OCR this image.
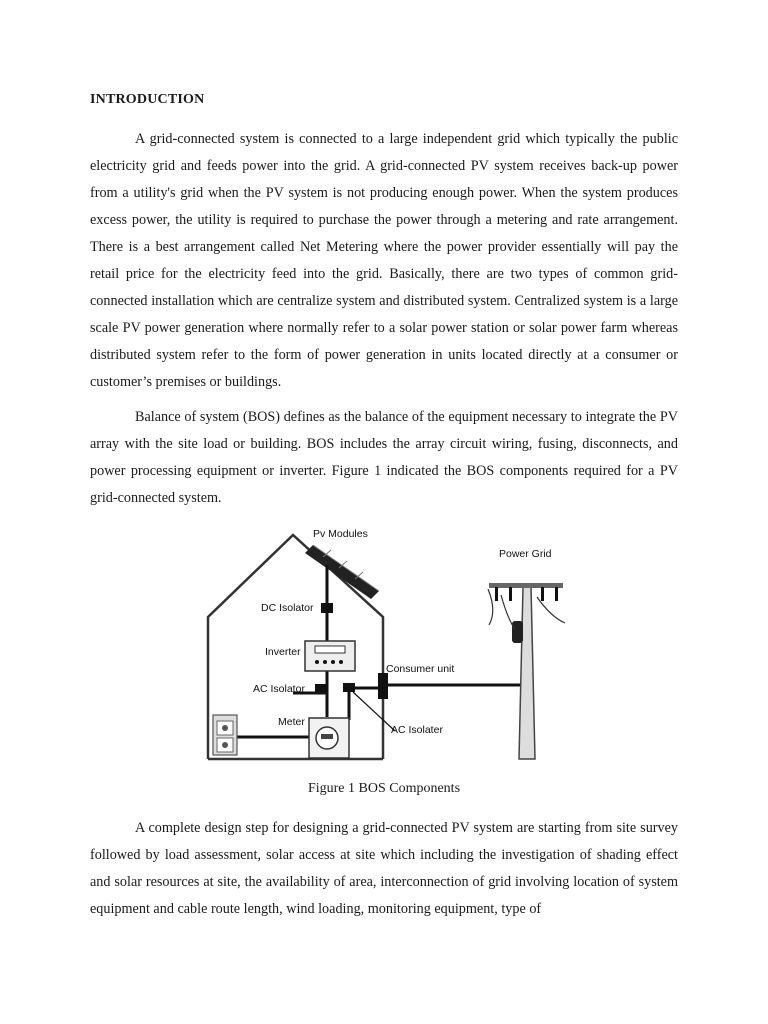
INTRODUCTION

A grid-connected system is connected to a large independent grid which typically the public electricity grid and feeds power into the grid. A grid-connected PV system receives back-up power from a utility's grid when the PV system is not producing enough power. When the system produces excess power, the utility is required to purchase the power through a metering and rate arrangement. There is a best arrangement called Net Metering where the power provider essentially will pay the retail price for the electricity feed into the grid. Basically, there are two types of common grid-connected installation which are centralize system and distributed system. Centralized system is a large scale PV power generation where normally refer to a solar power station or solar power farm whereas distributed system refer to the form of power generation in units located directly at a consumer or customer’s premises or buildings.

Balance of system (BOS) defines as the balance of the equipment necessary to integrate the PV array with the site load or building. BOS includes the array circuit wiring, fusing, disconnects, and power processing equipment or inverter. Figure 1 indicated the BOS components required for a PV grid-connected system.

Pv Modules
DC Isolator
Inverter
AC Isolator
AC Isolater
Consumer unit
Meter
Power Grid
Figure 1 BOS Components

A complete design step for designing a grid-connected PV system are starting from site survey followed by load assessment, solar access at site which including the investigation of shading effect and solar resources at site, the availability of area, interconnection of grid involving location of system equipment and cable route length, wind loading, monitoring equipment, type of
